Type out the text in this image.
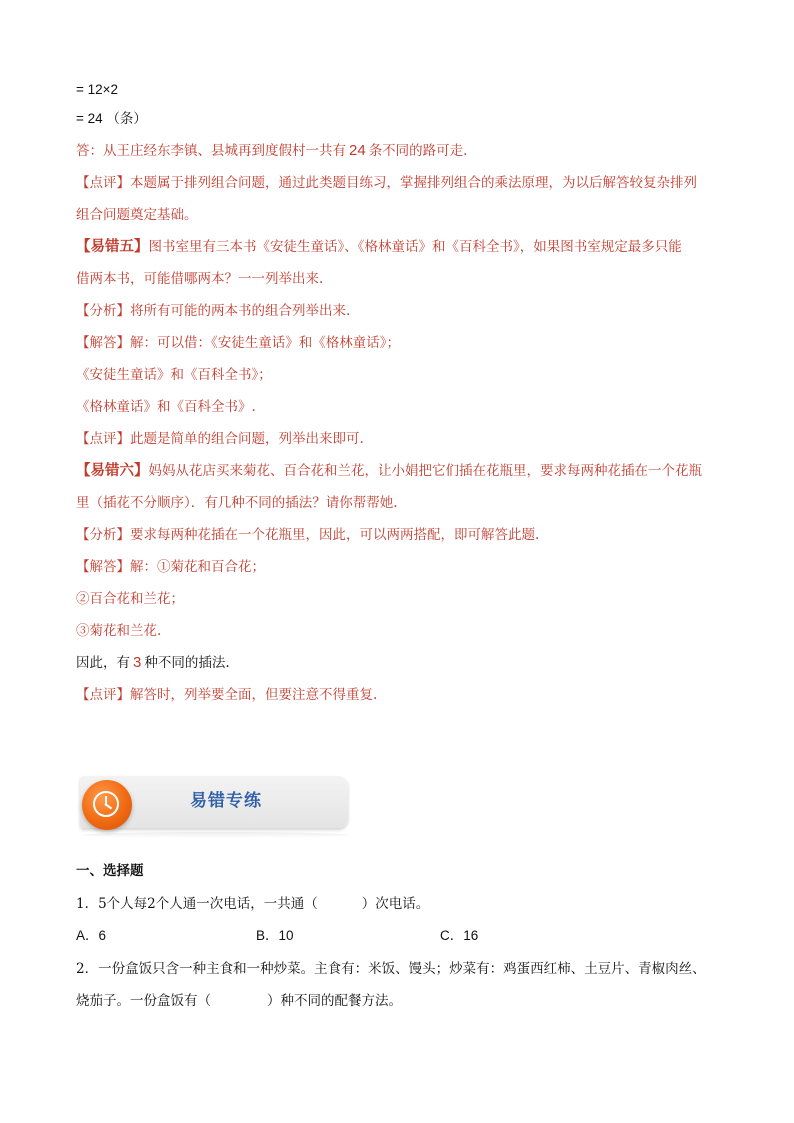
= 12×2
= 24 （条）
答：从王庄经东李镇、县城再到度假村一共有 24 条不同的路可走.
【点评】本题属于排列组合问题，通过此类题目练习，掌握排列组合的乘法原理，为以后解答较复杂排列
组合问题奠定基础。
【易错五】图书室里有三本书《安徒生童话》、《格林童话》和《百科全书》，如果图书室规定最多只能
借两本书，可能借哪两本？一一列举出来.
【分析】将所有可能的两本书的组合列举出来.
【解答】解：可以借：《安徒生童话》和《格林童话》；
《安徒生童话》和《百科全书》；
《格林童话》和《百科全书》.
【点评】此题是简单的组合问题，列举出来即可.
【易错六】妈妈从花店买来菊花、百合花和兰花，让小娟把它们插在花瓶里，要求每两种花插在一个花瓶
里（插花不分顺序）．有几种不同的插法？请你帮帮她.
【分析】要求每两种花插在一个花瓶里，因此，可以两两搭配，即可解答此题.
【解答】解：①菊花和百合花；
②百合花和兰花；
③菊花和兰花.
因此，有 3 种不同的插法.
【点评】解答时，列举要全面，但要注意不得重复.
易错专练
一、选择题
1．5个人每2个人通一次电话，一共通（	）次电话。
A．6	B．10	C．16
2．一份盒饭只含一种主食和一种炒菜。主食有：米饭、馒头；炒菜有：鸡蛋西红柿、土豆片、青椒肉丝、
烧茄子。一份盒饭有（	）种不同的配餐方法。
